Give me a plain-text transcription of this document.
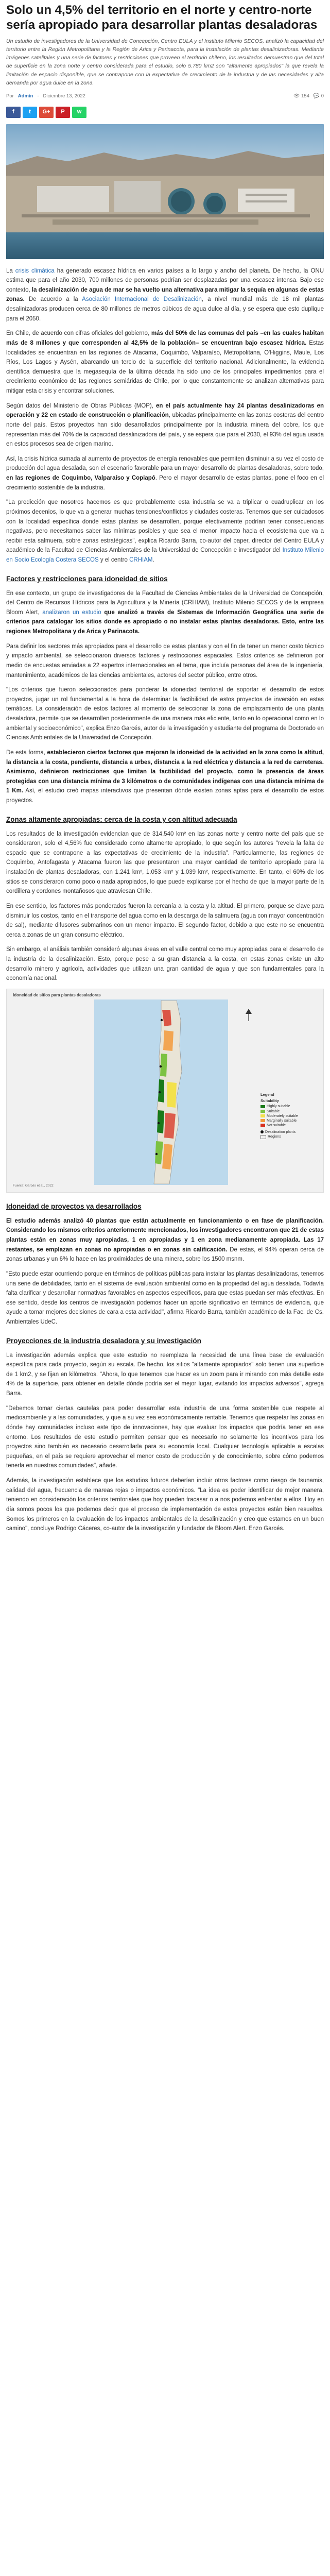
Solo un 4,5% del territorio en el norte y centro-norte sería apropiado para desarrollar plantas desaladoras

Un estudio de investigadores de la Universidad de Concepción, Centro EULA y el Instituto Milenio SECOS, analizó la capacidad del territorio entre la Región Metropolitana y la Región de Arica y Parinacota, para la instalación de plantas desalinizadoras. Mediante imágenes satelitales y una serie de factores y restricciones que proveen el territorio chileno, los resultados demuestran que del total de superficie en la zona norte y centro considerada para el estudio, solo 5.780 km2 son "altamente apropiados" la que revela la limitación de espacio disponible, que se contrapone con la expectativa de crecimiento de la industria y de las necesidades y alta demanda por agua dulce en la zona.

Por Admin - Diciembre 13, 2022	👁 154 💬 0
f	t G+ P w

La crisis climática ha generado escasez hídrica en varios países a lo largo y ancho del planeta. De hecho, la ONU estima que para el año 2030, 700 millones de personas podrían ser desplazadas por una escasez intensa. Bajo ese contexto, la desalinización de agua de mar se ha vuelto una alternativa para mitigar la sequía en algunas de estas zonas. De acuerdo a la Asociación Internacional de Desalinización, a nivel mundial más de 18 mil plantas desalinizadoras producen cerca de 80 millones de metros cúbicos de agua dulce al día, y se espera que esto duplique para el 2050.

En Chile, de acuerdo con cifras oficiales del gobierno, más del 50% de las comunas del país –en las cuales habitan más de 8 millones y que corresponden al 42,5% de la población– se encuentran bajo escasez hídrica. Estas localidades se encuentran en las regiones de Atacama, Coquimbo, Valparaíso, Metropolitana, O'Higgins, Maule, Los Ríos, Los Lagos y Aysén, abarcando un tercio de la superficie del territorio nacional. Adicionalmente, la evidencia científica demuestra que la megasequía de la última década ha sido uno de los principales impedimentos para el crecimiento económico de las regiones semiáridas de Chile, por lo que constantemente se analizan alternativas para mitigar esta crisis y encontrar soluciones.

Según datos del Ministerio de Obras Públicas (MOP), en el país actualmente hay 24 plantas desalinizadoras en operación y 22 en estado de construcción o planificación, ubicadas principalmente en las zonas costeras del centro norte del país. Estos proyectos han sido desarrollados principalmente por la industria minera del cobre, los que representan más del 70% de la capacidad desalinizadora del país, y se espera que para el 2030, el 93% del agua usada en estos procesos sea de origen marino.

Así, la crisis hídrica sumada al aumento de proyectos de energía renovables que permiten disminuir a su vez el costo de producción del agua desalada, son el escenario favorable para un mayor desarrollo de plantas desaladoras, sobre todo, en las regiones de Coquimbo, Valparaíso y Copiapó. Pero el mayor desarrollo de estas plantas, pone el foco en el crecimiento sostenible de la industria.

"La predicción que nosotros hacemos es que probablemente esta industria se va a triplicar o cuadruplicar en los próximos decenios, lo que va a generar muchas tensiones/conflictos y ciudades costeras. Tenemos que ser cuidadosos con la localidad específica donde estas plantas se desarrollen, porque efectivamente podrían tener consecuencias negativas, pero necesitamos saber las mínimas posibles y que sea el menor impacto hacia el ecosistema que va a recibir esta salmuera, sobre zonas estratégicas", explica Ricardo Barra, co-autor del paper, director del Centro EULA y académico de la Facultad de Ciencias Ambientales de la Universidad de Concepción e investigador del Instituto Milenio en Socio Ecología Costera SECOS y el centro CRHIAM.

Factores y restricciones para idoneidad de sitios

En ese contexto, un grupo de investigadores de la Facultad de Ciencias Ambientales de la Universidad de Concepción, del Centro de Recursos Hídricos para la Agricultura y la Minería (CRHIAM), Instituto Milenio SECOS y de la empresa Bloom Alert, analizaron un estudio que analizó a través de Sistemas de Información Geográfica una serie de criterios para catalogar los sitios donde es apropiado o no instalar estas plantas desaladoras. Esto, entre las regiones Metropolitana y de Arica y Parinacota.

Para definir los sectores más apropiados para el desarrollo de estas plantas y con el fin de tener un menor costo técnico y impacto ambiental, se seleccionaron diversos factores y restricciones espaciales. Estos criterios se definieron por medio de encuestas enviadas a 22 expertos internacionales en el tema, que incluía personas del área de la ingeniería, mantenimiento, académicos de las ciencias ambientales, actores del sector público, entre otros.

"Los criterios que fueron seleccionados para ponderar la idoneidad territorial de soportar el desarrollo de estos proyectos, jugar un rol fundamental a la hora de determinar la factibilidad de estos proyectos de inversión en estas temáticas. La consideración de estos factores al momento de seleccionar la zona de emplazamiento de una planta desaladora, permite que se desarrollen posteriormente de una manera más eficiente, tanto en lo operacional como en lo ambiental y socioeconómico", explica Enzo Garcés, autor de la investigación y estudiante del programa de Doctorado en Ciencias Ambientales de la Universidad de Concepción.

De esta forma, establecieron ciertos factores que mejoran la idoneidad de la actividad en la zona como la altitud, la distancia a la costa, pendiente, distancia a urbes, distancia a la red eléctrica y distancia a la red de carreteras. Asimismo, definieron restricciones que limitan la factibilidad del proyecto, como la presencia de áreas protegidas con una distancia mínima de 3 kilómetros o de comunidades indígenas con una distancia mínima de 1 Km. Así, el estudio creó mapas interactivos que presentan dónde existen zonas aptas para el desarrollo de estos proyectos.

Zonas altamente apropiadas: cerca de la costa y con altitud adecuada

Los resultados de la investigación evidencian que de 314.540 km² en las zonas norte y centro norte del país que se consideraron, solo el 4,56% fue considerado como altamente apropiado, lo que según los autores "revela la falta de espacio que se contrapone a las expectativas de crecimiento de la industria". Particularmente, las regiones de Coquimbo, Antofagasta y Atacama fueron las que presentaron una mayor cantidad de territorio apropiado para la instalación de plantas desaladoras, con 1.241 km², 1.053 km² y 1.039 km², respectivamente. En tanto, el 60% de los sitios se consideraron como poco o nada apropiados, lo que puede explicarse por el hecho de que la mayor parte de la cordillera y cordones montañosos que atraviesan Chile.

En ese sentido, los factores más ponderados fueron la cercanía a la costa y la altitud. El primero, porque se clave para disminuir los costos, tanto en el transporte del agua como en la descarga de la salmuera (agua con mayor concentración de sal), mediante difusores submarinos con un menor impacto. El segundo factor, debido a que este no se encuentra cerca a zonas de un gran consumo eléctrico.

Sin embargo, el análisis también consideró algunas áreas en el valle central como muy apropiadas para el desarrollo de la industria de la desalinización. Esto, porque pese a su gran distancia a la costa, en estas zonas existe un alto desarrollo minero y agrícola, actividades que utilizan una gran cantidad de agua y que son fundamentales para la economía nacional.

Idoneidad de sitios para plantas desaladoras
Legend
Suitability
Highly suitable
Suitable
Moderately suitable
Marginally suitable
Not suitable
Desalination plants
Regions
Fuente: Garcés et al., 2022
Idoneidad de proyectos ya desarrollados

El estudio además analizó 40 plantas que están actualmente en funcionamiento o en fase de planificación. Considerando los mismos criterios anteriormente mencionados, los investigadores encontraron que 21 de estas plantas están en zonas muy apropiadas, 1 en apropiadas y 1 en zona medianamente apropiada. Las 17 restantes, se emplazan en zonas no apropiadas o en zonas sin calificación. De estas, el 94% operan cerca de zonas urbanas y un 6% lo hace en las proximidades de una minera, sobre los 1500 msnm.

"Esto puede estar ocurriendo porque en términos de políticas públicas para instalar las plantas desalinizadoras, tenemos una serie de debilidades, tanto en el sistema de evaluación ambiental como en la propiedad del agua desalada. Todavía falta clarificar y desarrollar normativas favorables en aspectos específicos, para que estas puedan ser más efectivas. En ese sentido, desde los centros de investigación podemos hacer un aporte significativo en términos de evidencia, que ayude a tomar mejores decisiones de cara a esta actividad", afirma Ricardo Barra, también académico de la Fac. de Cs. Ambientales UdeC.

Proyecciones de la industria desaladora y su investigación

La investigación además explica que este estudio no reemplaza la necesidad de una línea base de evaluación específica para cada proyecto, según su escala. De hecho, los sitios "altamente apropiados" solo tienen una superficie de 1 km2, y se fijan en kilómetros. "Ahora, lo que tenemos que hacer es un zoom para ir mirando con más detalle este 4% de la superficie, para obtener en detalle dónde podría ser el mejor lugar, evitando los impactos adversos", agrega Barra.

"Debemos tomar ciertas cautelas para poder desarrollar esta industria de una forma sostenible que respete al medioambiente y a las comunidades, y que a su vez sea económicamente rentable. Tenemos que respetar las zonas en dónde hay comunidades incluso este tipo de innovaciones, hay que evaluar los impactos que podría tener en ese entorno. Los resultados de este estudio permiten pensar que es necesario no solamente los incentivos para los proyectos sino también es necesario desarrollarla para su economía local. Cualquier tecnología aplicable a escalas pequeñas, en el país se requiere aprovechar el menor costo de producción y de conocimiento, sobre cómo podemos tenerla en nuestras comunidades", añade.

Además, la investigación establece que los estudios futuros deberían incluir otros factores como riesgo de tsunamis, calidad del agua, frecuencia de mareas rojas o impactos económicos. "La idea es poder identificar de mejor manera, teniendo en consideración los criterios territoriales que hoy pueden fracasar o a nos podemos enfrentar a ellos. Hoy en día somos pocos los que podemos decir que el proceso de implementación de estos proyectos están bien resueltos. Somos los primeros en la evaluación de los impactos ambientales de la desalinización y creo que estamos en un buen camino", concluye Rodrigo Cáceres, co-autor de la investigación y fundador de Bloom Alert. Enzo Garcés.
